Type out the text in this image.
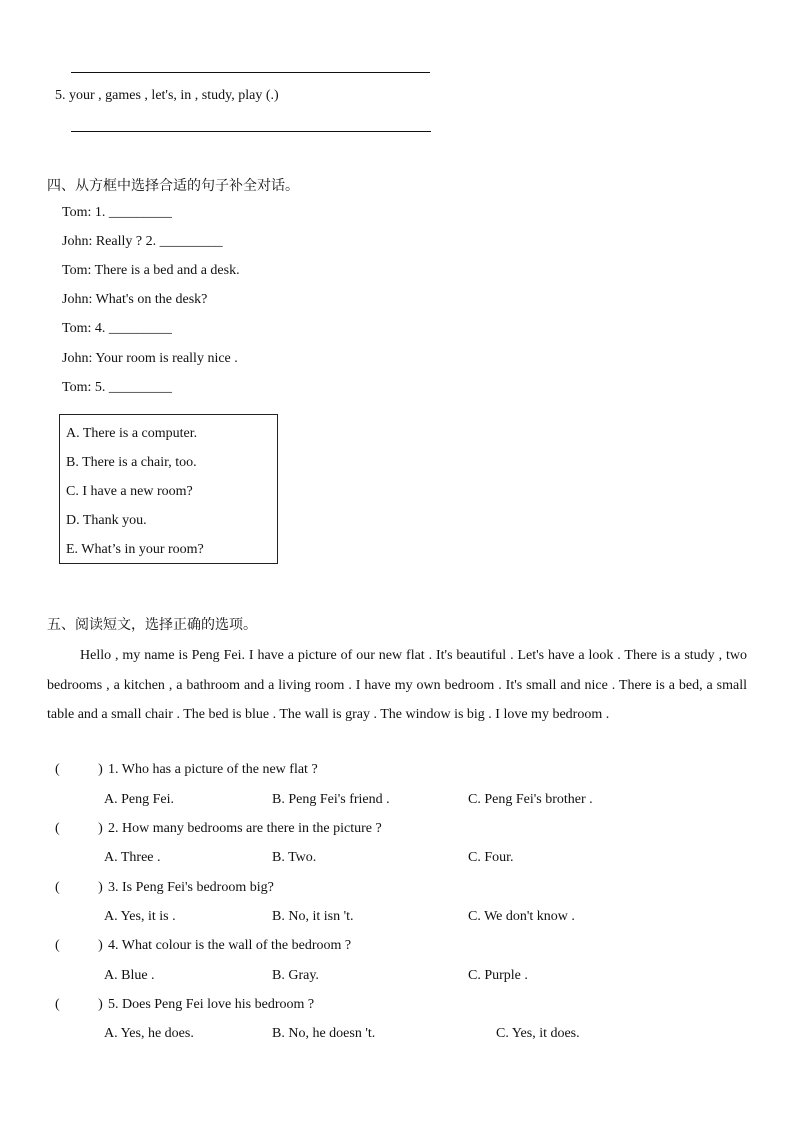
5. your , games , let's, in , study, play (.)
四、从方框中选择合适的句子补全对话。
Tom: 1. _________
John: Really ? 2. _________
Tom: There is a bed and a desk.
John: What's on the desk?
Tom: 4. _________
John: Your room is really nice .
Tom: 5. _________
A. There is a computer.
B. There is a chair, too.
C. I have a new room?
D. Thank you.
E. What’s in your room?
五、阅读短文，选择正确的选项。
Hello , my name is Peng Fei. I have a picture of our new flat . It's beautiful . Let's have a look . There is a study , two bedrooms , a kitchen , a bathroom and a living room . I have my own bedroom . It's small and nice . There is a bed, a small table and a small chair . The bed is blue . The wall is gray . The window is big . I love my bedroom .
(           ) 1. Who has a picture of the new flat ?
A. Peng Fei.	B. Peng Fei's friend .	C. Peng Fei's brother .
(           ) 2. How many bedrooms are there in the picture ?
A. Three .	B. Two.	C. Four.
(           ) 3. Is Peng Fei's bedroom big?
A. Yes, it is .	B. No, it isn 't.	C. We don't know .
(           ) 4. What colour is the wall of the bedroom ?
A. Blue .	B. Gray.	C. Purple .
(           ) 5. Does Peng Fei love his bedroom ?
A. Yes, he does.	B. No, he doesn 't.	C. Yes, it does.
